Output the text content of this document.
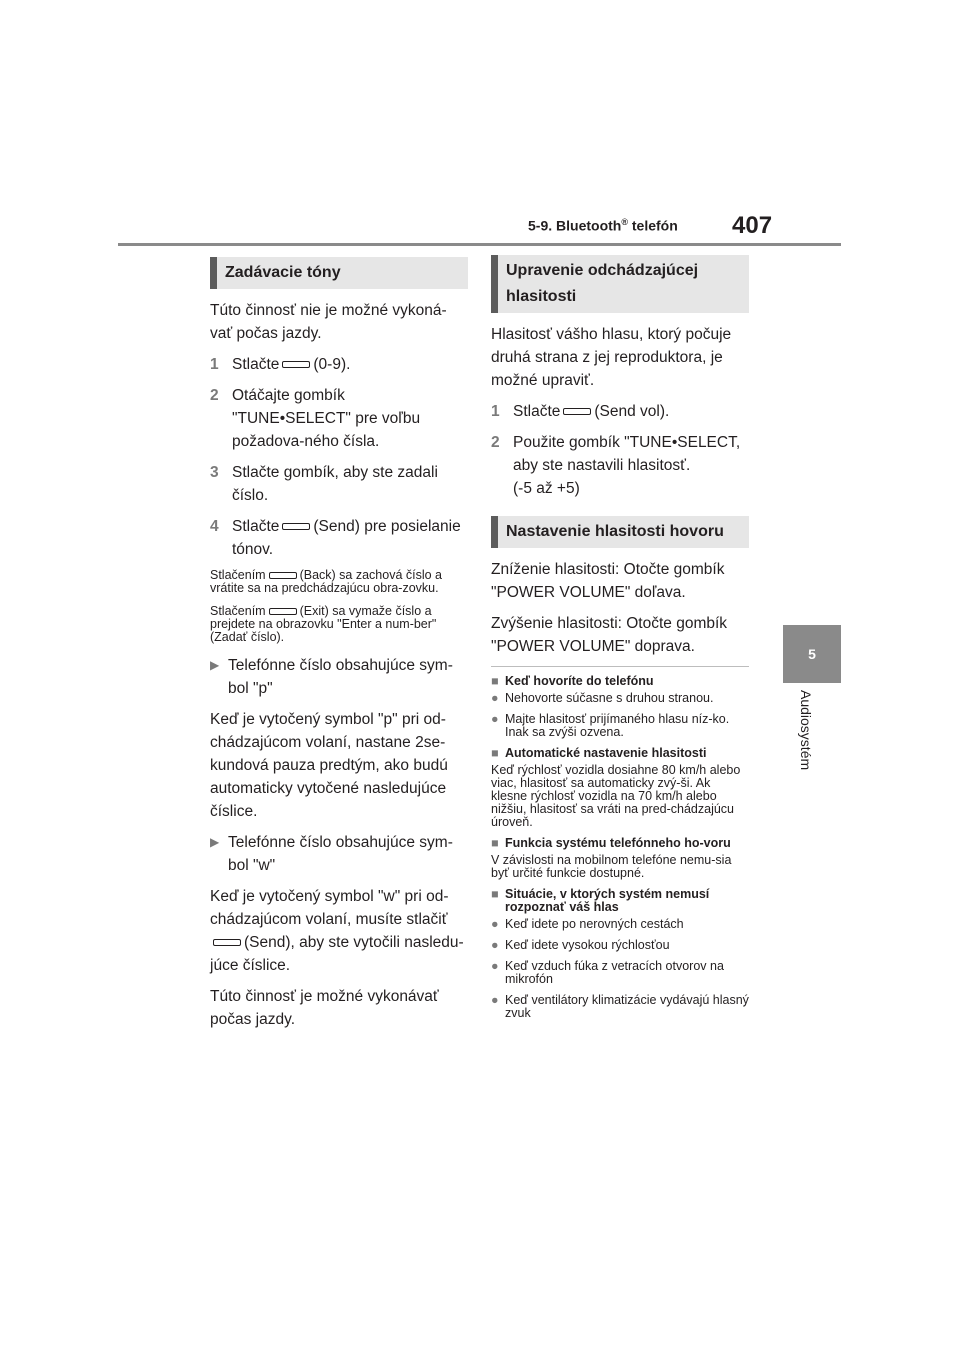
5-9. Bluetooth® telefón 407
5
Audiosystém
Zadávacie tóny

Túto činnosť nie je možné vykoná-vať počas jazdy.

1 Stlačte (0-9).
2 Otáčajte gombík "TUNE•SELECT" pre voľbu požadova-ného čísla.
3 Stlačte gombík, aby ste zadali číslo.
4 Stlačte (Send) pre posielanie tónov.

Stlačením	(Back) sa zachová číslo a vrátite sa na predchádzajúcu obra-zovku.

Stlačením	(Exit) sa vymaže číslo a prejdete na obrazovku "Enter a num-ber" (Zadať číslo).

▶ Telefónne číslo obsahujúce sym-bol "p"

Keď je vytočený symbol "p" pri od-chádzajúcom volaní, nastane 2se-kundová pauza predtým, ako budú automaticky vytočené nasledujúce číslice.

▶ Telefónne číslo obsahujúce sym-bol "w"

Keď je vytočený symbol "w" pri od-chádzajúcom volaní, musíte stlačiť
(Send), aby ste vytočili nasledu-júce číslice.

Túto činnosť je možné vykonávať počas jazdy.

Upravenie odchádzajúcej hlasitosti

Hlasitosť vášho hlasu, ktorý počuje druhá strana z jej reproduktora, je možné upraviť.

1 Stlačte (Send vol).
2 Použite gombík "TUNE•SELECT, aby ste nastavili hlasitosť.
(-5 až +5)
Nastavenie hlasitosti hovoru

Zníženie hlasitosti: Otočte gombík "POWER VOLUME" doľava.

Zvýšenie hlasitosti: Otočte gombík "POWER VOLUME" doprava.

■ Keď hovoríte do telefónu
● Nehovorte súčasne s druhou stranou.
● Majte hlasitosť prijímaného hlasu níz-ko. Inak sa zvýši ozvena.
■ Automatické nastavenie hlasitosti

Keď rýchlosť vozidla dosiahne 80 km/h alebo viac, hlasitosť sa automaticky zvý-ši. Ak klesne rýchlosť vozidla na 70 km/h alebo nižšiu, hlasitosť sa vráti na pred-chádzajúcu úroveň.

■ Funkcia systému telefónneho ho-voru

V závislosti na mobilnom telefóne nemu-sia byť určité funkcie dostupné.

■ Situácie, v ktorých systém nemusí rozpoznať váš hlas
● Keď idete po nerovných cestách
● Keď idete vysokou rýchlosťou
● Keď vzduch fúka z vetracích otvorov na mikrofón
● Keď ventilátory klimatizácie vydávajú hlasný zvuk
